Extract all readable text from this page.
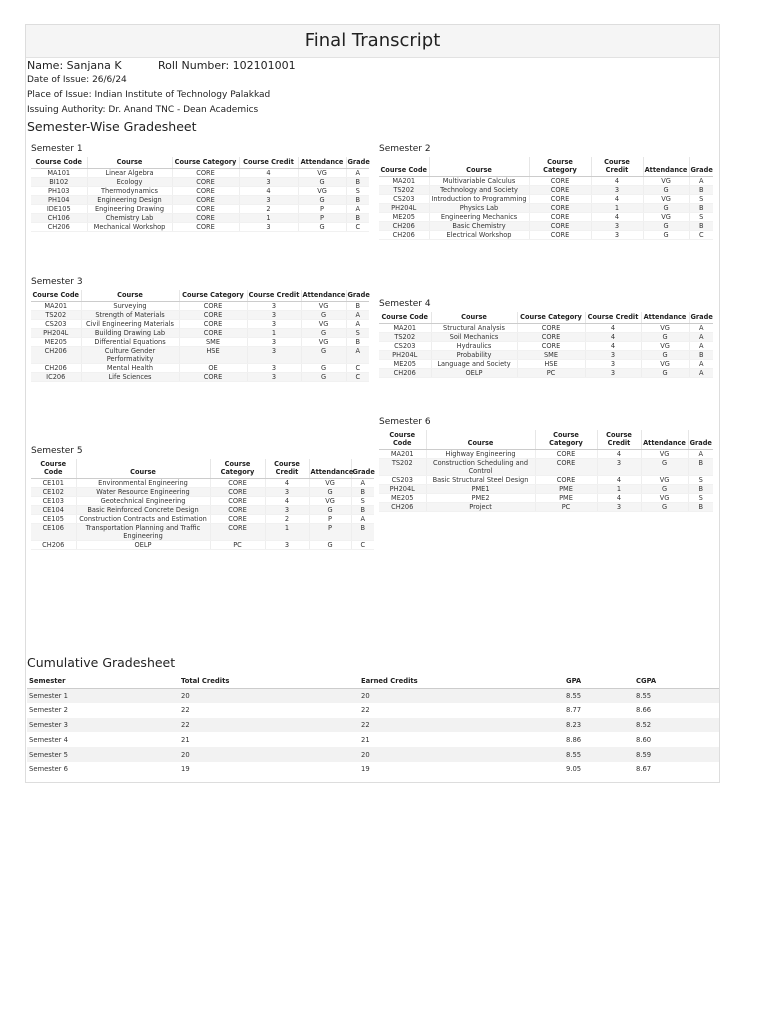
Final Transcript
Name: Sanjana K	Roll Number: 102101001
Date of Issue: 26/6/24
Place of Issue: Indian Institute of Technology Palakkad
Issuing Authority: Dr. Anand TNC - Dean Academics
Semester-Wise Gradesheet
Semester 1
Course Code	Course	Course Category	Course Credit	Attendance	Grade
MA101	Linear Algebra	CORE	4	VG	A
BI102	Ecology	CORE	3	G	B
PH103	Thermodynamics	CORE	4	VG	S
PH104	Engineering Design	CORE	3	G	B
IDE105	Engineering Drawing	CORE	2	P	A
CH106	Chemistry Lab	CORE	1	P	B
CH206	Mechanical Workshop	CORE	3	G	C
Semester 2
Course Code	Course	Course Category	Course Credit	Attendance	Grade
MA201	Multivariable Calculus	CORE	4	VG	A
TS202	Technology and Society	CORE	3	G	B
CS203	Introduction to Programming	CORE	4	VG	S
PH204L	Physics Lab	CORE	1	G	B
ME205	Engineering Mechanics	CORE	4	VG	S
CH206	Basic Chemistry	CORE	3	G	B
CH206	Electrical Workshop	CORE	3	G	C
Semester 3
Course Code	Course	Course Category	Course Credit	Attendance	Grade
MA201	Surveying	CORE	3	VG	B
TS202	Strength of Materials	CORE	3	G	A
CS203	Civil Engineering Materials	CORE	3	VG	A
PH204L	Building Drawing Lab	CORE	1	G	S
ME205	Differential Equations	SME	3	VG	B
CH206	Culture Gender Performativity	HSE	3	G	A
CH206	Mental Health	OE	3	G	C
IC206	Life Sciences	CORE	3	G	C
Semester 4
Course Code	Course	Course Category	Course Credit	Attendance	Grade
MA201	Structural Analysis	CORE	4	VG	A
TS202	Soil Mechanics	CORE	4	G	A
CS203	Hydraulics	CORE	4	VG	A
PH204L	Probability	SME	3	G	B
ME205	Language and Society	HSE	3	VG	A
CH206	OELP	PC	3	G	A
Semester 5
Course Code	Course	Course Category	Course Credit	Attendance	Grade
CE101	Environmental Engineering	CORE	4	VG	A
CE102	Water Resource Engineering	CORE	3	G	B
CE103	Geotechnical Engineering	CORE	4	VG	S
CE104	Basic Reinforced Concrete Design	CORE	3	G	B
CE105	Construction Contracts and Estimation	CORE	2	P	A
CE106	Transportation Planning and Traffic Engineering	CORE	1	P	B
CH206	OELP	PC	3	G	C
Semester 6
Course Code	Course	Course Category	Course Credit	Attendance	Grade
MA201	Highway Engineering	CORE	4	VG	A
TS202	Construction Scheduling and Control	CORE	3	G	B
CS203	Basic Structural Steel Design	CORE	4	VG	S
PH204L	PME1	PME	1	G	B
ME205	PME2	PME	4	VG	S
CH206	Project	PC	3	G	B
Cumulative Gradesheet
Semester	Total Credits	Earned Credits	GPA	CGPA
Semester 1	20	20	8.55	8.55
Semester 2	22	22	8.77	8.66
Semester 3	22	22	8.23	8.52
Semester 4	21	21	8.86	8.60
Semester 5	20	20	8.55	8.59
Semester 6	19	19	9.05	8.67
